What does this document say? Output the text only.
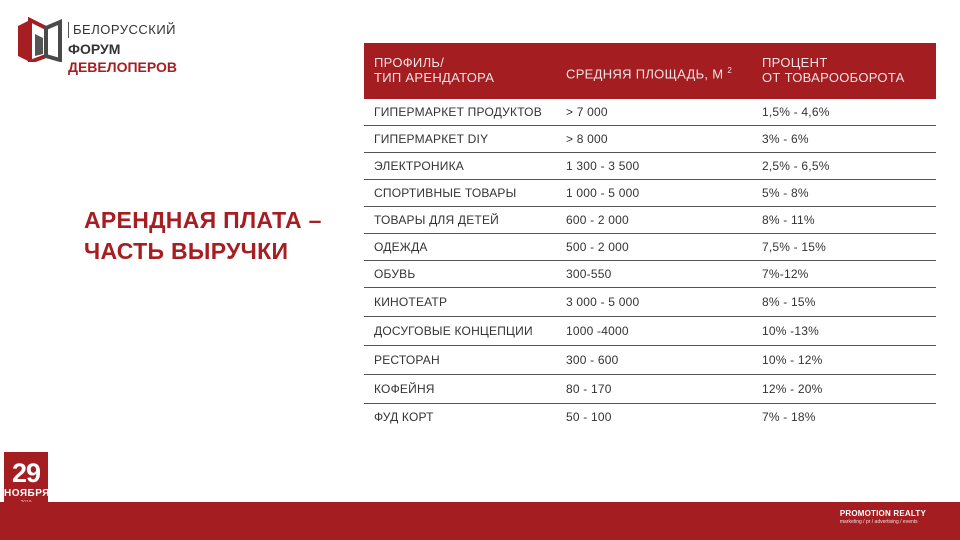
БЕЛОРУССКИЙ
ФОРУМ ДЕВЕЛОПЕРОВ
АРЕНДНАЯ ПЛАТА –
ЧАСТЬ ВЫРУЧКИ
ПРОФИЛЬ/
ТИП АРЕНДАТОРА	СРЕДНЯЯ ПЛОЩАДЬ, М $^2$	ПРОЦЕНТ
ОТ ТОВАРООБОРОТА
ГИПЕРМАРКЕТ ПРОДУКТОВ	> 7 000	1,5% - 4,6%
ГИПЕРМАРКЕТ DIY	> 8 000	3% - 6%
ЭЛЕКТРОНИКА	1 300 - 3 500	2,5% - 6,5%
СПОРТИВНЫЕ ТОВАРЫ	1 000 - 5 000	5% - 8%
ТОВАРЫ ДЛЯ ДЕТЕЙ	600 - 2 000	8% - 11%
ОДЕЖДА	500 - 2 000	7,5% - 15%
ОБУВЬ	300-550	7%-12%
КИНОТЕАТР	3 000 - 5 000	8% - 15%
ДОСУГОВЫЕ КОНЦЕПЦИИ	1000 -4000	10% -13%
РЕСТОРАН	300 - 600	10% - 12%
КОФЕЙНЯ	80 - 170	12% - 20%
ФУД КОРТ	50 - 100	7% - 18%
29
НОЯБРЯ
PROMOTION REALTY
marketing / pr / advertising / events
